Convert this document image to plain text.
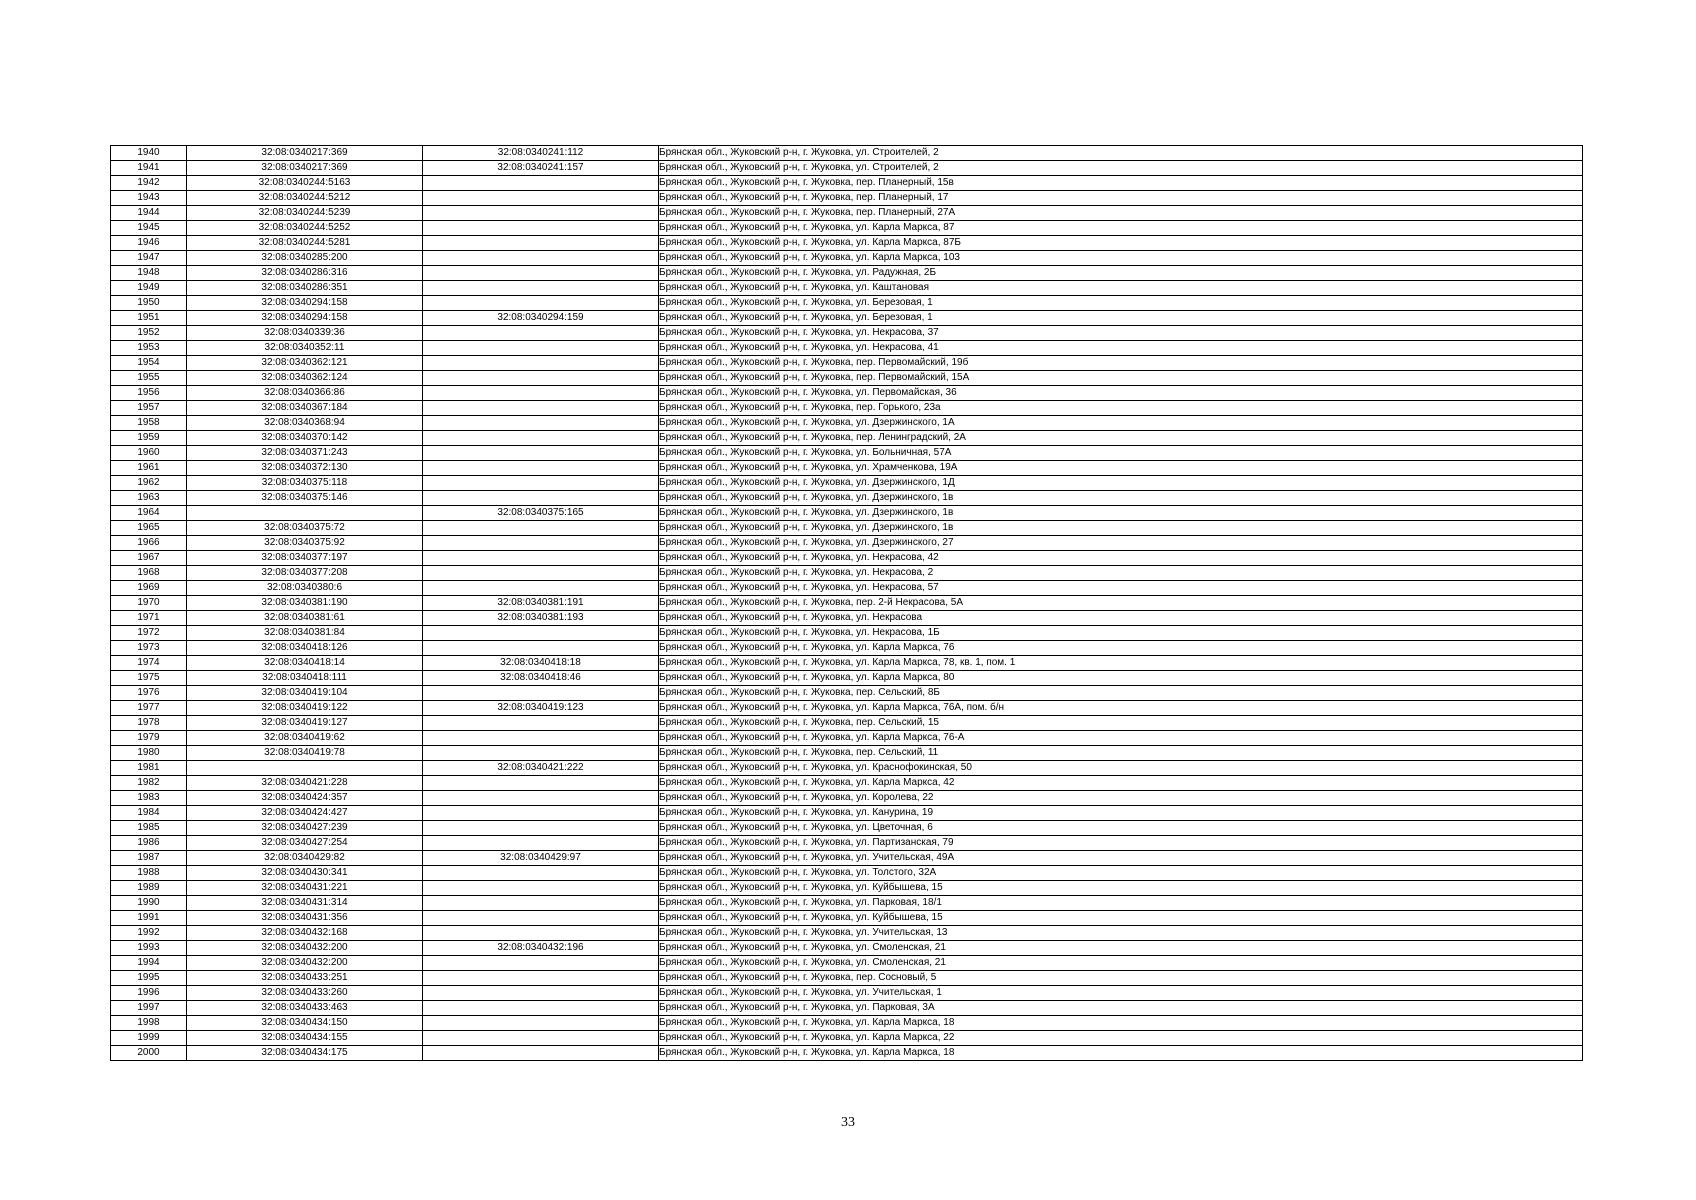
1940	32:08:0340217:369	32:08:0340241:112	Брянская обл., Жуковский р-н, г. Жуковка, ул. Строителей, 2
1941	32:08:0340217:369	32:08:0340241:157	Брянская обл., Жуковский р-н, г. Жуковка, ул. Строителей, 2
1942	32:08:0340244:5163		Брянская обл., Жуковский р-н, г. Жуковка, пер. Планерный, 15в
1943	32:08:0340244:5212		Брянская обл., Жуковский р-н, г. Жуковка, пер. Планерный, 17
1944	32:08:0340244:5239		Брянская обл., Жуковский р-н, г. Жуковка, пер. Планерный, 27А
1945	32:08:0340244:5252		Брянская обл., Жуковский р-н, г. Жуковка, ул. Карла Маркса, 87
1946	32:08:0340244:5281		Брянская обл., Жуковский р-н, г. Жуковка, ул. Карла Маркса, 87Б
1947	32:08:0340285:200		Брянская обл., Жуковский р-н, г. Жуковка, ул. Карла Маркса, 103
1948	32:08:0340286:316		Брянская обл., Жуковский р-н, г. Жуковка, ул. Радужная, 2Б
1949	32:08:0340286:351		Брянская обл., Жуковский р-н, г. Жуковка, ул. Каштановая
1950	32:08:0340294:158		Брянская обл., Жуковский р-н, г. Жуковка, ул. Березовая, 1
1951	32:08:0340294:158	32:08:0340294:159	Брянская обл., Жуковский р-н, г. Жуковка, ул. Березовая, 1
1952	32:08:0340339:36		Брянская обл., Жуковский р-н, г. Жуковка, ул. Некрасова, 37
1953	32:08:0340352:11		Брянская обл., Жуковский р-н, г. Жуковка, ул. Некрасова, 41
1954	32:08:0340362:121		Брянская обл., Жуковский р-н, г. Жуковка, пер. Первомайский, 19б
1955	32:08:0340362:124		Брянская обл., Жуковский р-н, г. Жуковка, пер. Первомайский, 15А
1956	32:08:0340366:86		Брянская обл., Жуковский р-н, г. Жуковка, ул. Первомайская, 36
1957	32:08:0340367:184		Брянская обл., Жуковский р-н, г. Жуковка, пер. Горького, 23а
1958	32:08:0340368:94		Брянская обл., Жуковский р-н, г. Жуковка, ул. Дзержинского, 1А
1959	32:08:0340370:142		Брянская обл., Жуковский р-н, г. Жуковка, пер. Ленинградский, 2А
1960	32:08:0340371:243		Брянская обл., Жуковский р-н, г. Жуковка, ул. Больничная, 57А
1961	32:08:0340372:130		Брянская обл., Жуковский р-н, г. Жуковка, ул. Храмченкова, 19А
1962	32:08:0340375:118		Брянская обл., Жуковский р-н, г. Жуковка, ул. Дзержинского, 1Д
1963	32:08:0340375:146		Брянская обл., Жуковский р-н, г. Жуковка, ул. Дзержинского, 1в
1964		32:08:0340375:165	Брянская обл., Жуковский р-н, г. Жуковка, ул. Дзержинского, 1в
1965	32:08:0340375:72		Брянская обл., Жуковский р-н, г. Жуковка, ул. Дзержинского, 1в
1966	32:08:0340375:92		Брянская обл., Жуковский р-н, г. Жуковка, ул. Дзержинского, 27
1967	32:08:0340377:197		Брянская обл., Жуковский р-н, г. Жуковка, ул. Некрасова, 42
1968	32:08:0340377:208		Брянская обл., Жуковский р-н, г. Жуковка, ул. Некрасова, 2
1969	32:08:0340380:6		Брянская обл., Жуковский р-н, г. Жуковка, ул. Некрасова, 57
1970	32:08:0340381:190	32:08:0340381:191	Брянская обл., Жуковский р-н, г. Жуковка, пер. 2-й Некрасова, 5А
1971	32:08:0340381:61	32:08:0340381:193	Брянская обл., Жуковский р-н, г. Жуковка, ул. Некрасова
1972	32:08:0340381:84		Брянская обл., Жуковский р-н, г. Жуковка, ул. Некрасова, 1Б
1973	32:08:0340418:126		Брянская обл., Жуковский р-н, г. Жуковка, ул. Карла Маркса, 76
1974	32:08:0340418:14	32:08:0340418:18	Брянская обл., Жуковский р-н, г. Жуковка, ул. Карла Маркса, 78, кв. 1, пом. 1
1975	32:08:0340418:111	32:08:0340418:46	Брянская обл., Жуковский р-н, г. Жуковка, ул. Карла Маркса, 80
1976	32:08:0340419:104		Брянская обл., Жуковский р-н, г. Жуковка, пер. Сельский, 8Б
1977	32:08:0340419:122	32:08:0340419:123	Брянская обл., Жуковский р-н, г. Жуковка, ул. Карла Маркса, 76А, пом. б/н
1978	32:08:0340419:127		Брянская обл., Жуковский р-н, г. Жуковка, пер. Сельский, 15
1979	32:08:0340419:62		Брянская обл., Жуковский р-н, г. Жуковка, ул. Карла Маркса, 76-А
1980	32:08:0340419:78		Брянская обл., Жуковский р-н, г. Жуковка, пер. Сельский, 11
1981		32:08:0340421:222	Брянская обл., Жуковский р-н, г. Жуковка, ул. Краснофокинская, 50
1982	32:08:0340421:228		Брянская обл., Жуковский р-н, г. Жуковка, ул. Карла Маркса, 42
1983	32:08:0340424:357		Брянская обл., Жуковский р-н, г. Жуковка, ул. Королева, 22
1984	32:08:0340424:427		Брянская обл., Жуковский р-н, г. Жуковка, ул. Канурина, 19
1985	32:08:0340427:239		Брянская обл., Жуковский р-н, г. Жуковка, ул. Цветочная, 6
1986	32:08:0340427:254		Брянская обл., Жуковский р-н, г. Жуковка, ул. Партизанская, 79
1987	32:08:0340429:82	32:08:0340429:97	Брянская обл., Жуковский р-н, г. Жуковка, ул. Учительская, 49А
1988	32:08:0340430:341		Брянская обл., Жуковский р-н, г. Жуковка, ул. Толстого, 32А
1989	32:08:0340431:221		Брянская обл., Жуковский р-н, г. Жуковка, ул. Куйбышева, 15
1990	32:08:0340431:314		Брянская обл., Жуковский р-н, г. Жуковка, ул. Парковая, 18/1
1991	32:08:0340431:356		Брянская обл., Жуковский р-н, г. Жуковка, ул. Куйбышева, 15
1992	32:08:0340432:168		Брянская обл., Жуковский р-н, г. Жуковка, ул. Учительская, 13
1993	32:08:0340432:200	32:08:0340432:196	Брянская обл., Жуковский р-н, г. Жуковка, ул. Смоленская, 21
1994	32:08:0340432:200		Брянская обл., Жуковский р-н, г. Жуковка, ул. Смоленская, 21
1995	32:08:0340433:251		Брянская обл., Жуковский р-н, г. Жуковка, пер. Сосновый, 5
1996	32:08:0340433:260		Брянская обл., Жуковский р-н, г. Жуковка, ул. Учительская, 1
1997	32:08:0340433:463		Брянская обл., Жуковский р-н, г. Жуковка, ул. Парковая, 3А
1998	32:08:0340434:150		Брянская обл., Жуковский р-н, г. Жуковка, ул. Карла Маркса, 18
1999	32:08:0340434:155		Брянская обл., Жуковский р-н, г. Жуковка, ул. Карла Маркса, 22
2000	32:08:0340434:175		Брянская обл., Жуковский р-н, г. Жуковка, ул. Карла Маркса, 18
33
